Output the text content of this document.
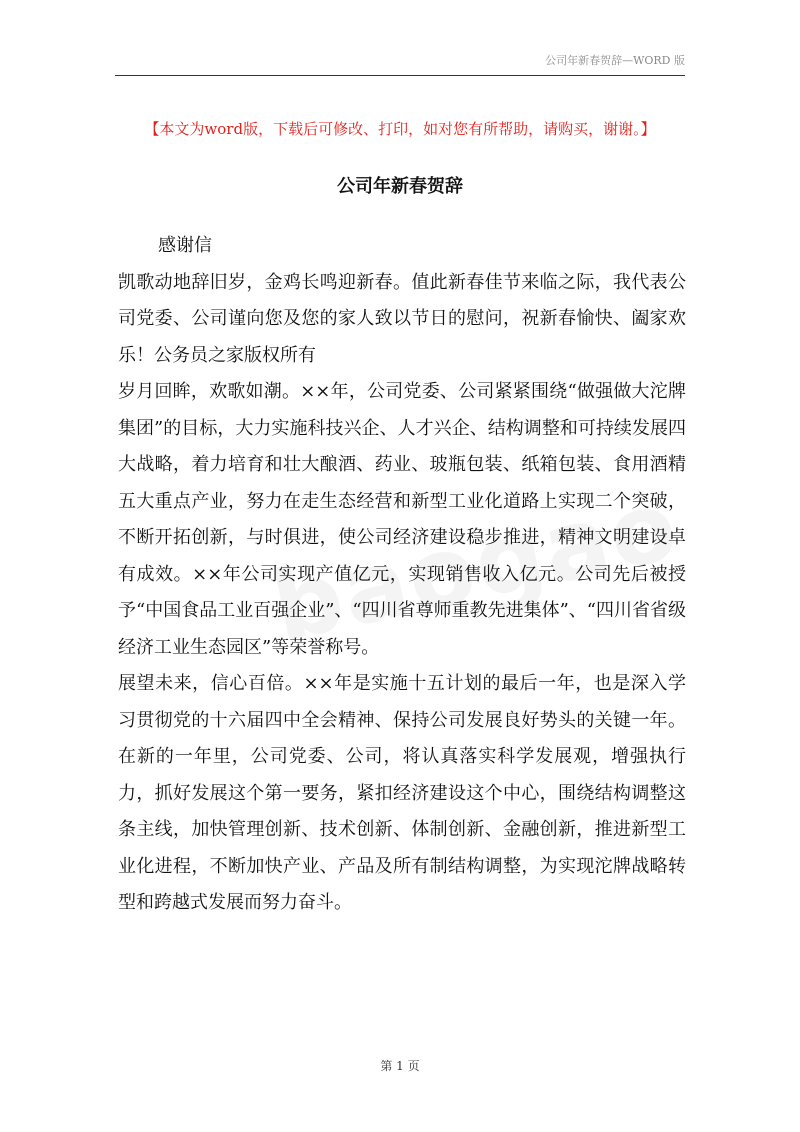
公司年新春贺辞—WORD 版
【本文为word版，下载后可修改、打印，如对您有所帮助，请购买，谢谢。】
公司年新春贺辞

感谢信

凯歌动地辞旧岁，金鸡长鸣迎新春。值此新春佳节来临之际，我代表公司党委、公司谨向您及您的家人致以节日的慰问，祝新春愉快、阖家欢乐！公务员之家版权所有

岁月回眸，欢歌如潮。××年，公司党委、公司紧紧围绕“做强做大沱牌集团”的目标，大力实施科技兴企、人才兴企、结构调整和可持续发展四大战略，着力培育和壮大酿酒、药业、玻瓶包装、纸箱包装、食用酒精五大重点产业，努力在走生态经营和新型工业化道路上实现二个突破，不断开拓创新，与时俱进，使公司经济建设稳步推进，精神文明建设卓有成效。××年公司实现产值亿元，实现销售收入亿元。公司先后被授予“中国食品工业百强企业”、“四川省尊师重教先进集体”、“四川省省级经济工业生态园区”等荣誉称号。

展望未来，信心百倍。××年是实施十五计划的最后一年，也是深入学习贯彻党的十六届四中全会精神、保持公司发展良好势头的关键一年。在新的一年里，公司党委、公司，将认真落实科学发展观，增强执行力，抓好发展这个第一要务，紧扣经济建设这个中心，围绕结构调整这条主线，加快管理创新、技术创新、体制创新、金融创新，推进新型工业化进程，不断加快产业、产品及所有制结构调整，为实现沱牌战略转型和跨越式发展而努力奋斗。

第 1 页
